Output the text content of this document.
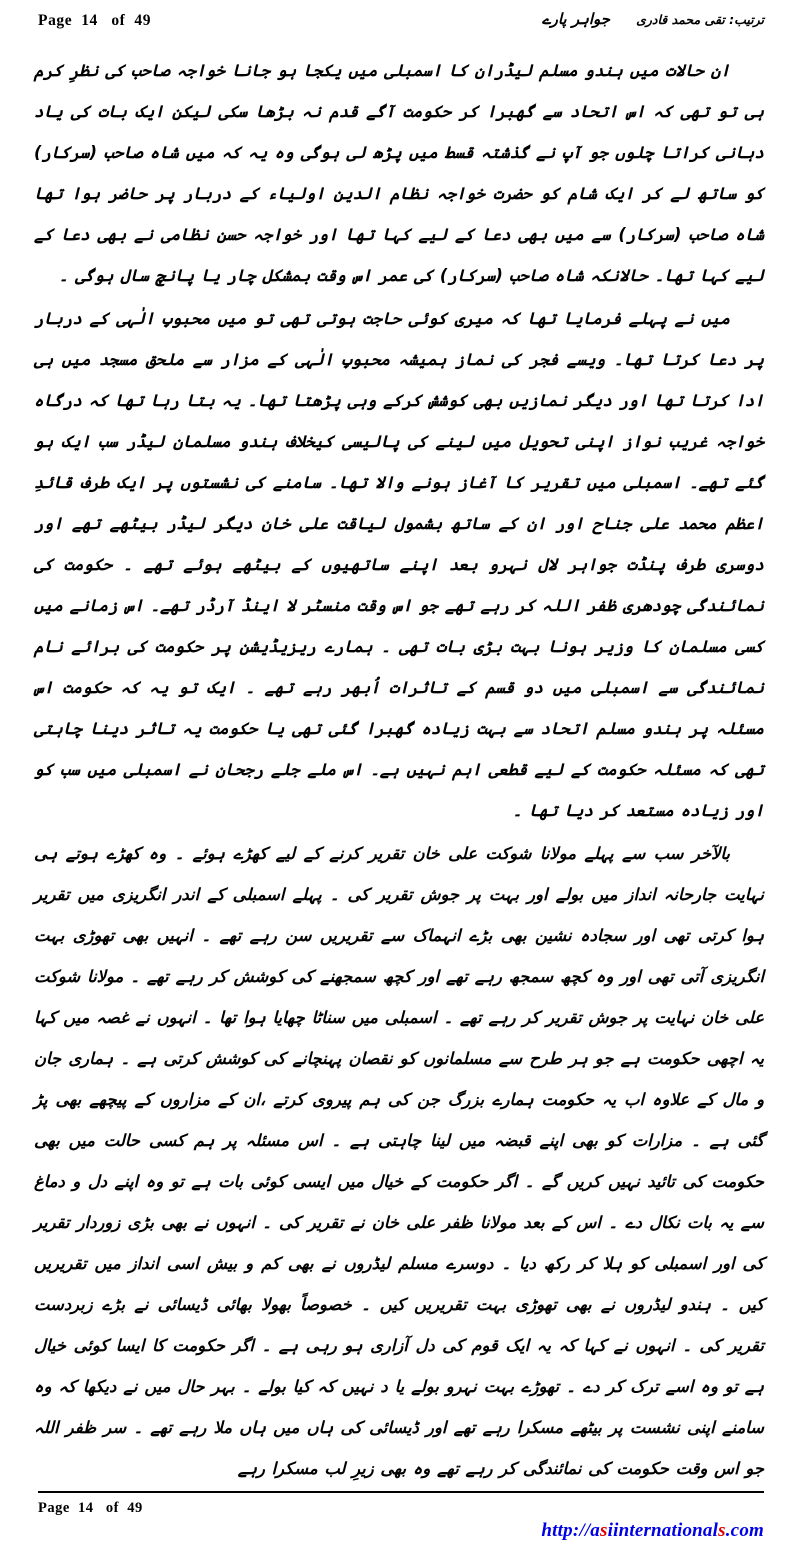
Page  14   of  49	ترتیب: تقی محمد قادری
جواہر پارے

ان حالات میں ہندو مسلم لیڈران کا اسمبلی میں یکجا ہو جانا خواجہ صاحب کی نظرِ کرم ہی تو تھی کہ اس اتحاد سے گھبرا کر حکومت آگے قدم نہ بڑھا سکی لیکن ایک بات کی یاد دہانی کراتا چلوں جو آپ نے گذشتہ قسط میں پڑھ لی ہوگی وہ یہ کہ میں شاہ صاحب (سرکار) کو ساتھ لے کر ایک شام کو حضرت خواجہ نظام الدین اولیاء کے دربار پر حاضر ہوا تھا شاہ صاحب (سرکار) سے میں بھی دعا کے لیے کہا تھا اور خواجہ حسن نظامی نے بھی دعا کے لیے کہا تھا۔ حالانکہ شاہ صاحب (سرکار) کی عمر اس وقت بمشکل چار یا پانچ سال ہوگی ۔

میں نے پہلے فرمایا تھا کہ میری کوئی حاجت ہوتی تھی تو میں محبوبِ الٰہی کے دربار پر دعا کرتا تھا۔ ویسے فجر کی نماز ہمیشہ محبوبِ الٰہی کے مزار سے ملحق مسجد میں ہی ادا کرتا تھا اور دیگر نمازیں بھی کوشش کرکے وہی پڑھتا تھا۔ یہ بتا رہا تھا کہ درگاہ خواجہ غریب نواز اپنی تحویل میں لینے کی پالیسی کیخلاف ہندو مسلمان لیڈر سب ایک ہو گئے تھے۔ اسمبلی میں تقریر کا آغاز ہونے والا تھا۔ سامنے کی نشستوں پر ایک طرف قائدِ اعظم محمد علی جناح اور ان کے ساتھ بشمول لیاقت علی خان دیگر لیڈر بیٹھے تھے اور دوسری طرف پنڈت جواہر لال نہرو بعد اپنے ساتھیوں کے بیٹھے ہوئے تھے ۔ حکومت کی نمائندگی چودھری ظفر اللہ کر رہے تھے جو اس وقت منسٹر لا اینڈ آرڈر تھے۔ اس زمانے میں کسی مسلمان کا وزیر ہونا بہت بڑی بات تھی ۔ ہمارے ریزیڈیشن پر حکومت کی برائے نام نمائندگی سے اسمبلی میں دو قسم کے تاثرات اُبھر رہے تھے ۔ ایک تو یہ کہ حکومت اس مسئلہ پر ہندو مسلم اتحاد سے بہت زیادہ گھبرا گئی تھی یا حکومت یہ تاثر دینا چاہتی تھی کہ مسئلہ حکومت کے لیے قطعی اہم نہیں ہے۔ اس ملے جلے رجحان نے اسمبلی میں سب کو اور زیادہ مستعد کر دیا تھا ۔

بالآخر سب سے پہلے مولانا شوکت علی خان تقریر کرنے کے لیے کھڑے ہوئے ۔ وہ کھڑے ہوتے ہی نہایت جارحانہ انداز میں بولے اور بہت پر جوش تقریر کی ۔ پہلے اسمبلی کے اندر انگریزی میں تقریر ہوا کرتی تھی اور سجادہ نشین بھی بڑے انہماک سے تقریریں سن رہے تھے ۔ انہیں بھی تھوڑی بہت انگریزی آتی تھی اور وہ کچھ سمجھ رہے تھے اور کچھ سمجھنے کی کوشش کر رہے تھے ۔ مولانا شوکت علی خان نہایت پر جوش تقریر کر رہے تھے ۔ اسمبلی میں سناٹا چھایا ہوا تھا ۔ انہوں نے غصہ میں کہا یہ اچھی حکومت ہے جو ہر طرح سے مسلمانوں کو نقصان پہنچانے کی کوشش کرتی ہے ۔ ہماری جان و مال کے علاوہ اب یہ حکومت ہمارے بزرگ جن کی ہم پیروی کرتے ،ان کے مزاروں کے پیچھے بھی پڑ گئی ہے ۔ مزارات کو بھی اپنے قبضہ میں لینا چاہتی ہے ۔ اس مسئلہ پر ہم کسی حالت میں بھی حکومت کی تائید نہیں کریں گے ۔ اگر حکومت کے خیال میں ایسی کوئی بات ہے تو وہ اپنے دل و دماغ سے یہ بات نکال دے ۔ اس کے بعد مولانا ظفر علی خان نے تقریر کی ۔ انہوں نے بھی بڑی زوردار تقریر کی اور اسمبلی کو ہلا کر رکھ دیا ۔ دوسرے مسلم لیڈروں نے بھی کم و بیش اسی انداز میں تقریریں کیں ۔ ہندو لیڈروں نے بھی تھوڑی بہت تقریریں کیں ۔ خصوصاً بھولا بھائی ڈیسائی نے بڑے زبردست تقریر کی ۔ انہوں نے کہا کہ یہ ایک قوم کی دل آزاری ہو رہی ہے ۔ اگر حکومت کا ایسا کوئی خیال ہے تو وہ اسے ترک کر دے ۔ تھوڑے بہت نہرو بولے یا د نہیں کہ کیا بولے ۔ بہر حال میں نے دیکھا کہ وہ سامنے اپنی نشست پر بیٹھے مسکرا رہے تھے اور ڈیسائی کی ہاں میں ہاں ملا رہے تھے ۔ سر ظفر اللہ جو اس وقت حکومت کی نمائندگی کر رہے تھے وہ بھی زیرِ لب مسکرا رہے

Page  14   of  49

http://asiinternationals.com
